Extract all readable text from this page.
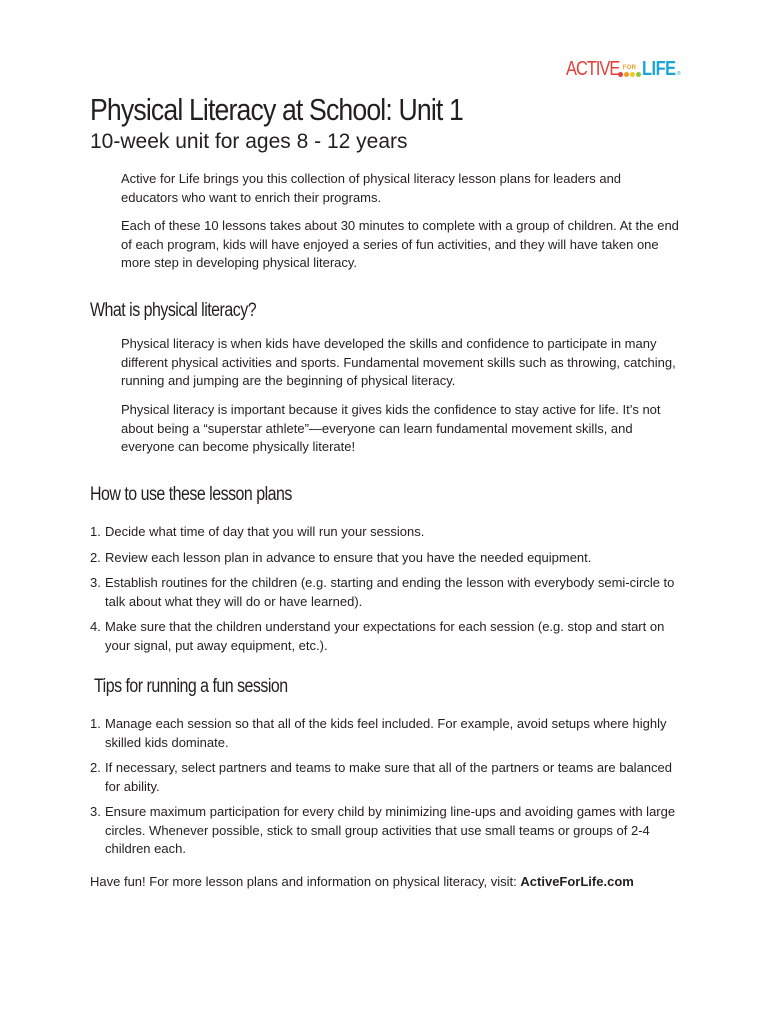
ACTIVE FOR LIFE ®
Physical Literacy at School: Unit 1
10-week unit for ages 8 - 12 years
Active for Life brings you this collection of physical literacy lesson plans for leaders and educators who want to enrich their programs.
Each of these 10 lessons takes about 30 minutes to complete with a group of children. At the end of each program, kids will have enjoyed a series of fun activities, and they will have taken one more step in developing physical literacy.
What is physical literacy?
Physical literacy is when kids have developed the skills and confidence to participate in many different physical activities and sports. Fundamental movement skills such as throwing, catching, running and jumping are the beginning of physical literacy.
Physical literacy is important because it gives kids the confidence to stay active for life. It’s not about being a “superstar athlete”—everyone can learn fundamental movement skills, and everyone can become physically literate!
How to use these lesson plans
1. Decide what time of day that you will run your sessions.
2. Review each lesson plan in advance to ensure that you have the needed equipment.
3. Establish routines for the children (e.g. starting and ending the lesson with everybody semi-circle to talk about what they will do or have learned).
4. Make sure that the children understand your expectations for each session (e.g. stop and start on your signal, put away equipment, etc.).
Tips for running a fun session
1. Manage each session so that all of the kids feel included. For example, avoid setups where highly skilled kids dominate.
2. If necessary, select partners and teams to make sure that all of the partners or teams are balanced for ability.
3. Ensure maximum participation for every child by minimizing line-ups and avoiding games with large circles. Whenever possible, stick to small group activities that use small teams or groups of 2-4 children each.
Have fun! For more lesson plans and information on physical literacy, visit: ActiveForLife.com
